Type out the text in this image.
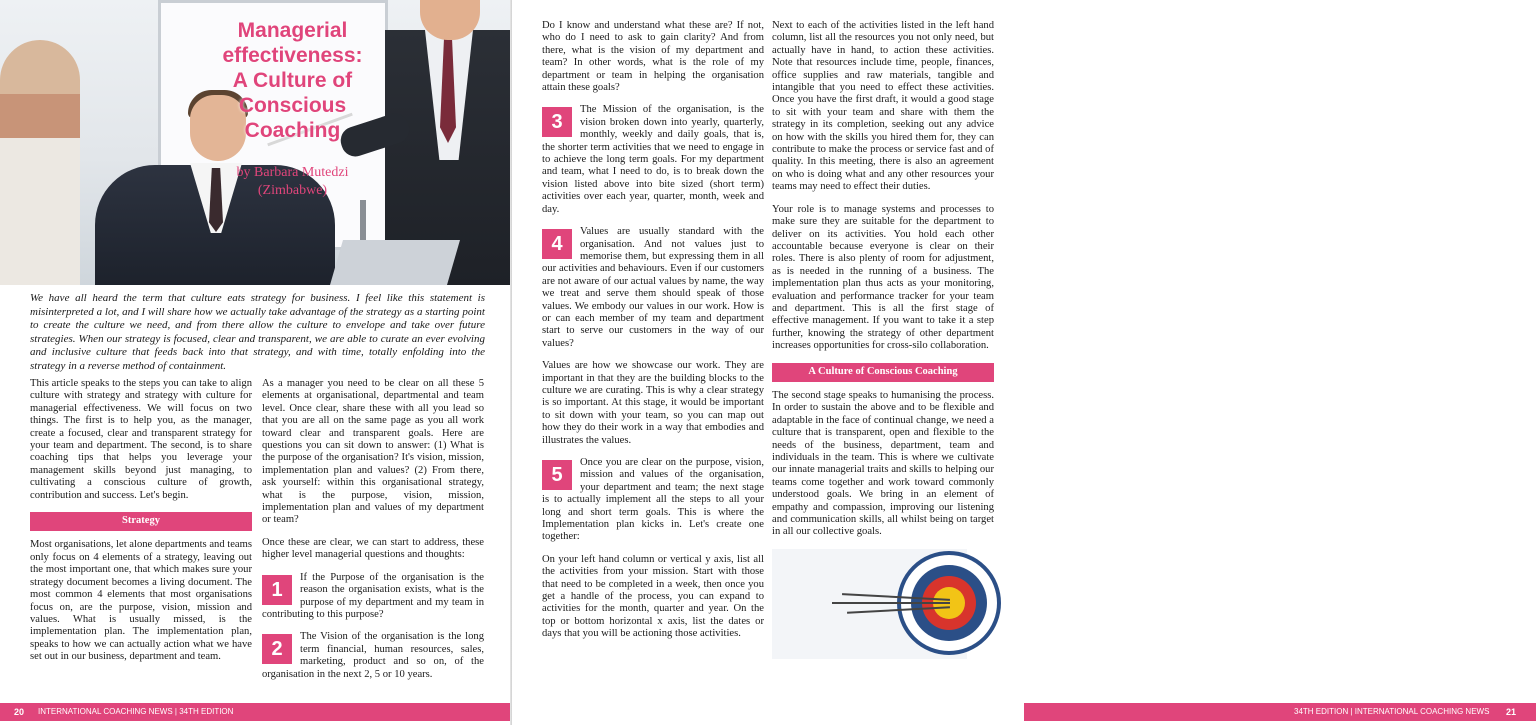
Managerial
effectiveness:
A Culture of
Conscious
Coaching
by Barbara Mutedzi
(Zimbabwe)

We have all heard the term that culture eats strategy for business. I feel like this statement is misinterpreted a lot, and I will share how we actually take advantage of the strategy as a starting point to create the culture we need, and from there allow the culture to envelope and take over future strategies. When our strategy is focused, clear and transparent, we are able to curate an ever evolving and inclusive culture that feeds back into that strategy, and with time, totally enfolding into the strategy in a reverse method of containment.

This article speaks to the steps you can take to align culture with strategy and strategy with culture for managerial effectiveness. We will focus on two things. The first is to help you, as the manager, create a focused, clear and transparent strategy for your team and department. The second, is to share coaching tips that helps you leverage your management skills beyond just managing, to cultivating a conscious culture of growth, contribution and success. Let's begin.

Strategy

Most organisations, let alone departments and teams only focus on 4 elements of a strategy, leaving out the most important one, that which makes sure your strategy document becomes a living document. The most common 4 elements that most organisations focus on, are the purpose, vision, mission and values. What is usually missed, is the implementation plan. The implementation plan, speaks to how we can actually action what we have set out in our business, department and team.

As a manager you need to be clear on all these 5 elements at organisational, departmental and team level. Once clear, share these with all you lead so that you are all on the same page as you all work toward clear and transparent goals. Here are questions you can sit down to answer: (1) What is the purpose of the organisation? It's vision, mission, implementation plan and values? (2) From there, ask yourself: within this organisational strategy, what is the purpose, vision, mission, implementation plan and values of my department or team?

Once these are clear, we can start to address, these higher level managerial questions and thoughts:

1
If the Purpose of the organisation is the reason the organisation exists, what is the purpose of my department and my team in contributing to this purpose?
2
The Vision of the organisation is the long term financial, human resources, sales, marketing, product and so on, of the organisation in the next 2, 5 or 10 years.
20 INTERNATIONAL COACHING NEWS | 34TH EDITION

Do I know and understand what these are? If not, who do I need to ask to gain clarity? And from there, what is the vision of my department and team? In other words, what is the role of my department or team in helping the organisation attain these goals?

3
The Mission of the organisation, is the vision broken down into yearly, quarterly, monthly, weekly and daily goals, that is, the shorter term activities that we need to engage in to achieve the long term goals. For my department and team, what I need to do, is to break down the vision listed above into bite sized (short term) activities over each year, quarter, month, week and day.
4
Values are usually standard with the organisation. And not values just to memorise them, but expressing them in all our activities and behaviours. Even if our customers are not aware of our actual values by name, the way we treat and serve them should speak of those values. We embody our values in our work. How is or can each member of my team and department start to serve our customers in the way of our values?

Values are how we showcase our work. They are important in that they are the building blocks to the culture we are curating. This is why a clear strategy is so important. At this stage, it would be important to sit down with your team, so you can map out how they do their work in a way that embodies and illustrates the values.

5
Once you are clear on the purpose, vision, mission and values of the organisation, your department and team; the next stage is to actually implement all the steps to all your long and short term goals. This is where the Implementation plan kicks in. Let's create one together:

On your left hand column or vertical y axis, list all the activities from your mission. Start with those that need to be completed in a week, then once you get a handle of the process, you can expand to activities for the month, quarter and year. On the top or bottom horizontal x axis, list the dates or days that you will be actioning those activities.

Next to each of the activities listed in the left hand column, list all the resources you not only need, but actually have in hand, to action these activities. Note that resources include time, people, finances, office supplies and raw materials, tangible and intangible that you need to effect these activities. Once you have the first draft, it would a good stage to sit with your team and share with them the strategy in its completion, seeking out any advice on how with the skills you hired them for, they can contribute to make the process or service fast and of quality. In this meeting, there is also an agreement on who is doing what and any other resources your teams may need to effect their duties.

Your role is to manage systems and processes to make sure they are suitable for the department to deliver on its activities. You hold each other accountable because everyone is clear on their roles. There is also plenty of room for adjustment, as is needed in the running of a business. The implementation plan thus acts as your monitoring, evaluation and performance tracker for your team and department. This is all the first stage of effective management. If you want to take it a step further, knowing the strategy of other department increases opportunities for cross-silo collaboration.

A Culture of Conscious Coaching

The second stage speaks to humanising the process. In order to sustain the above and to be flexible and adaptable in the face of continual change, we need a culture that is transparent, open and flexible to the needs of the business, department, team and individuals in the team. This is where we cultivate our innate managerial traits and skills to helping our teams come together and work toward commonly understood goals. We bring in an element of empathy and compassion, improving our listening and communication skills, all whilst being on target in all our collective goals.

34TH EDITION | INTERNATIONAL COACHING NEWS 21
